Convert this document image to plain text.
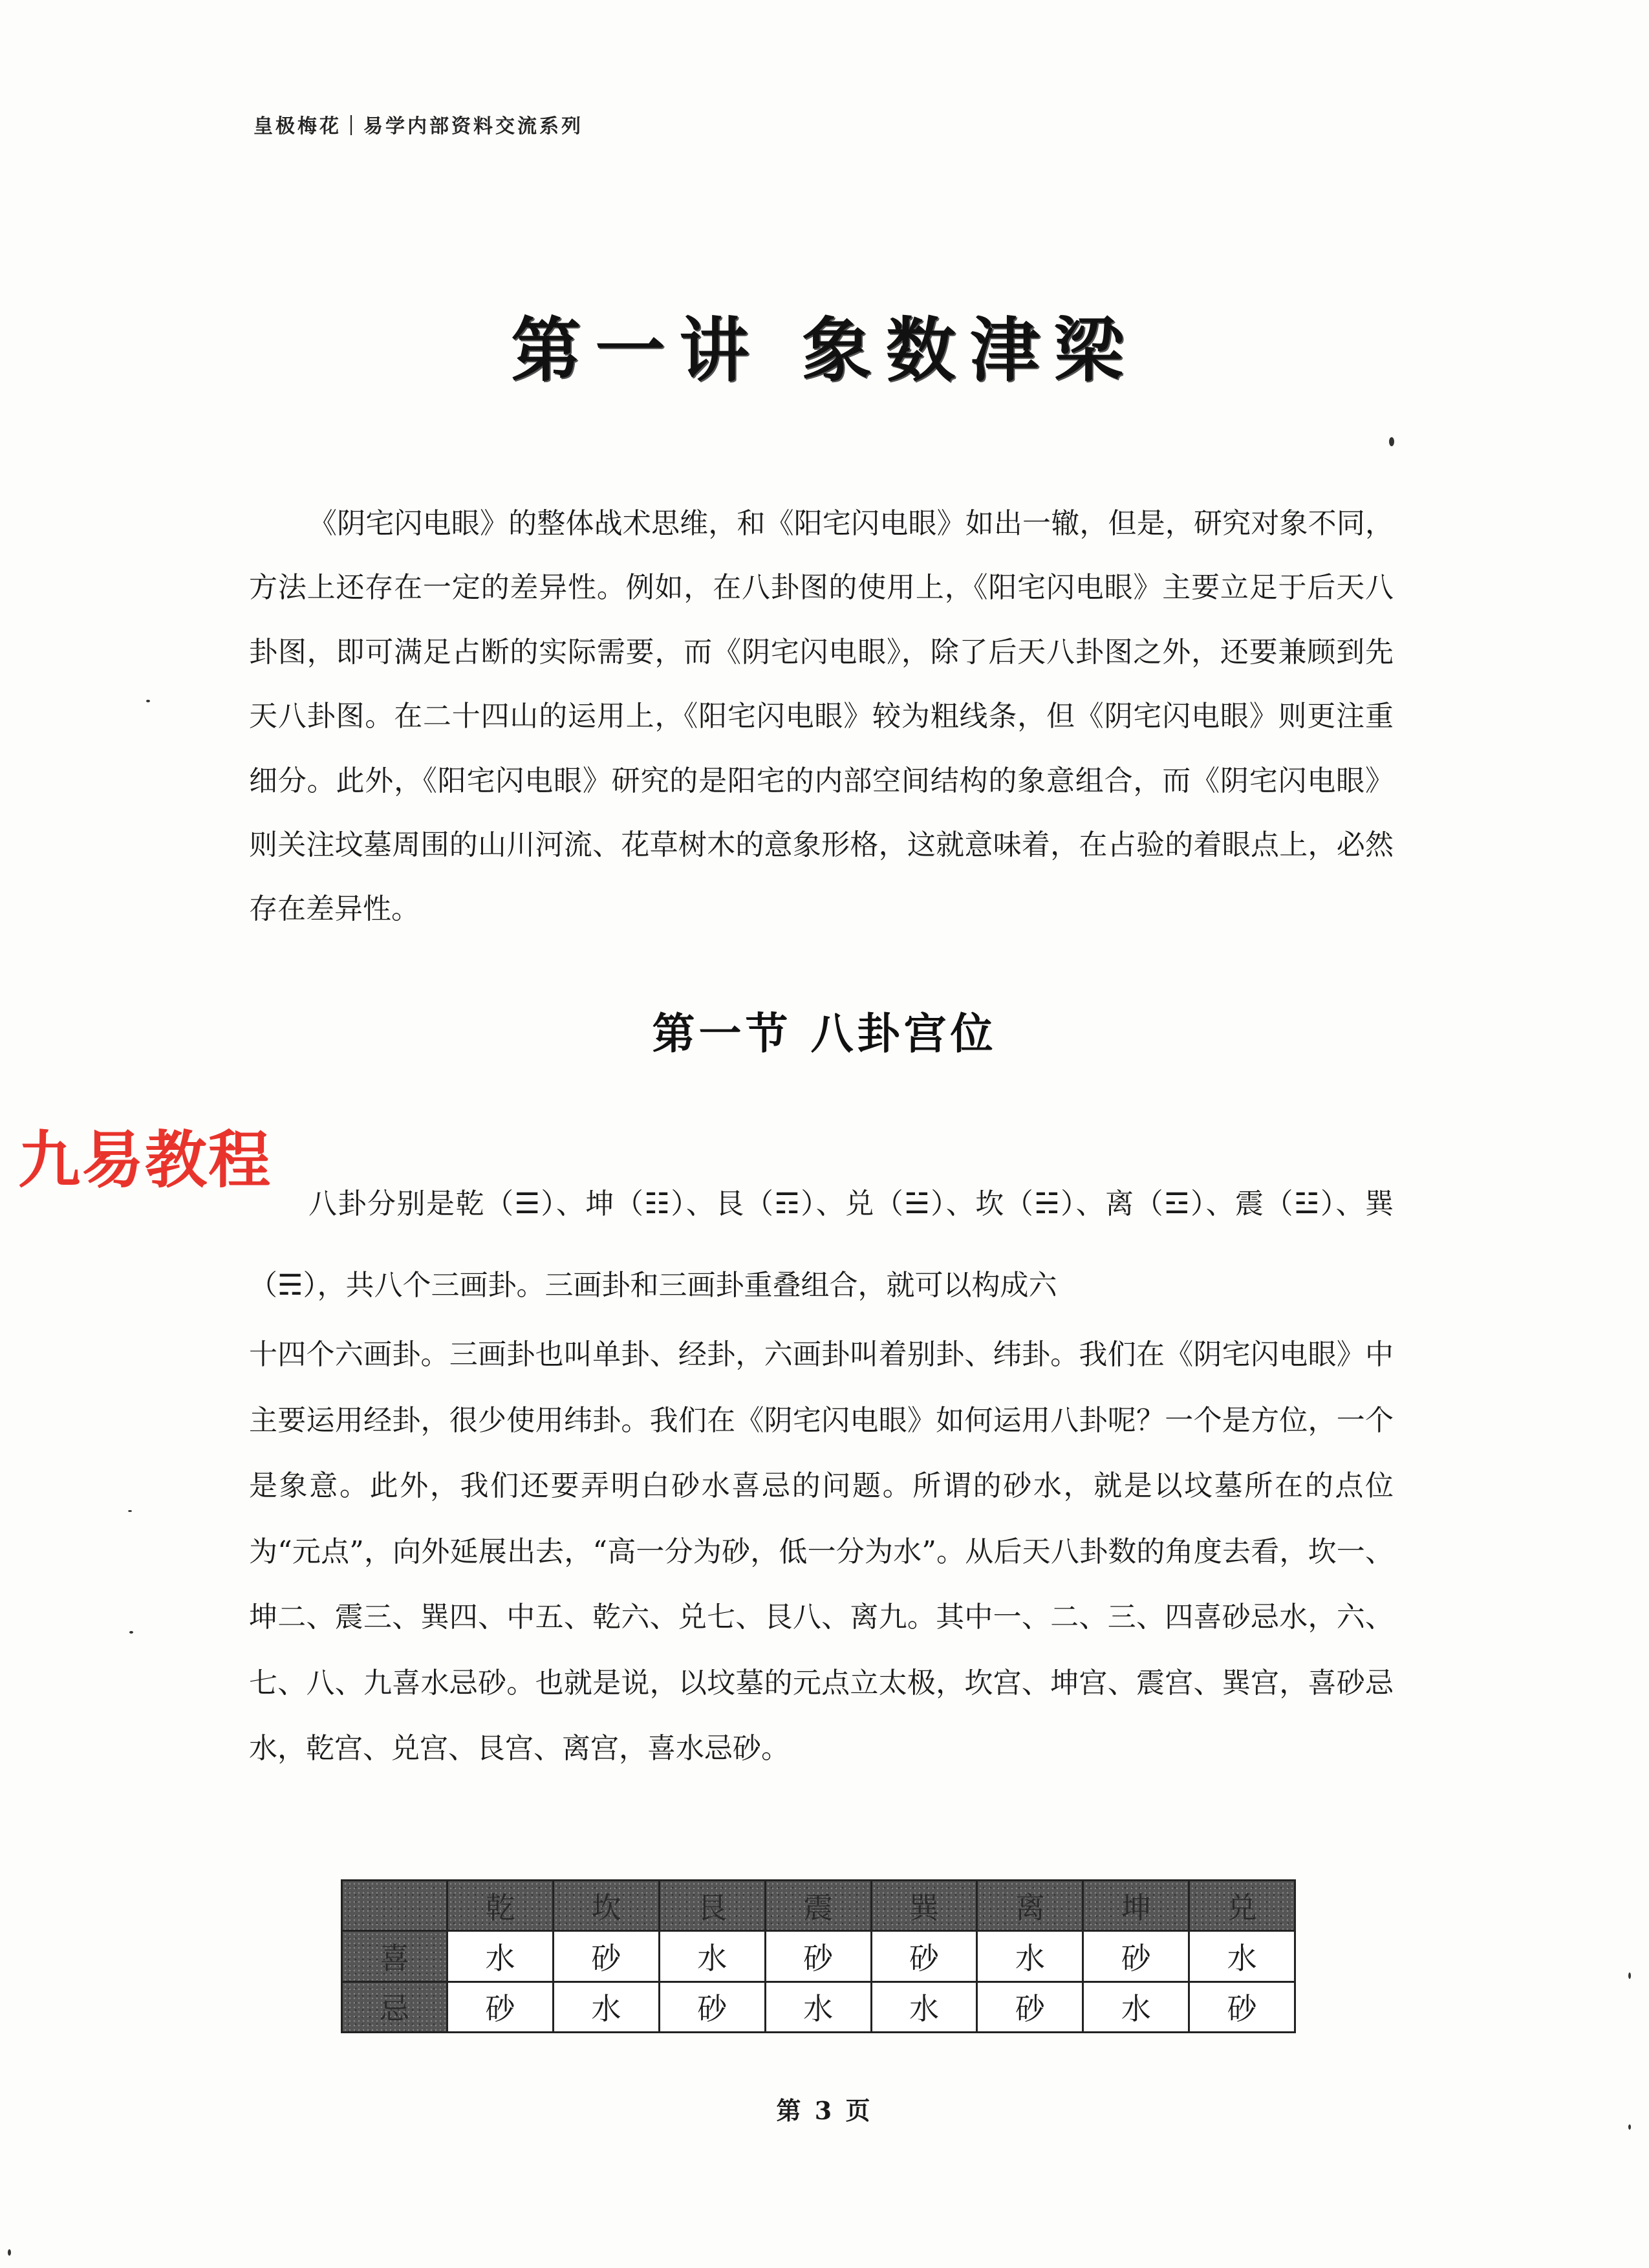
皇极梅花｜易学内部资料交流系列
第一讲 象数津梁

《阴宅闪电眼》的整体战术思维，和《阳宅闪电眼》如出一辙，但是，研究对象不同，方法上还存在一定的差异性。例如，在八卦图的使用上，《阳宅闪电眼》主要立足于后天八卦图，即可满足占断的实际需要，而《阴宅闪电眼》，除了后天八卦图之外，还要兼顾到先天八卦图。在二十四山的运用上，《阳宅闪电眼》较为粗线条，但《阴宅闪电眼》则更注重细分。此外，《阳宅闪电眼》研究的是阳宅的内部空间结构的象意组合，而《阴宅闪电眼》则关注坟墓周围的山川河流、花草树木的意象形格，这就意味着，在占验的着眼点上，必然存在差异性。

第一节 八卦宫位
九易教程

八卦分别是乾（☰）、坤（☷）、艮（☶）、兑（☱）、坎（☵）、离（☲）、震（☳）、巽（☴），共八个三画卦。三画卦和三画卦重叠组合，就可以构成六

十四个六画卦。三画卦也叫单卦、经卦，六画卦叫着别卦、纬卦。我们在《阴宅闪电眼》中主要运用经卦，很少使用纬卦。我们在《阴宅闪电眼》如何运用八卦呢？一个是方位，一个是象意。此外，我们还要弄明白砂水喜忌的问题。所谓的砂水，就是以坟墓所在的点位为“元点”，向外延展出去，“高一分为砂，低一分为水”。从后天八卦数的角度去看，坎一、坤二、震三、巽四、中五、乾六、兑七、艮八、离九。其中一、二、三、四喜砂忌水，六、七、八、九喜水忌砂。也就是说，以坟墓的元点立太极，坎宫、坤宫、震宫、巽宫，喜砂忌水，乾宫、兑宫、艮宫、离宫，喜水忌砂。

	乾	坎	艮	震	巽	离	坤	兑
喜	水	砂	水	砂	砂	水	砂	水
忌	砂	水	砂	水	水	砂	水	砂
第 3 页
